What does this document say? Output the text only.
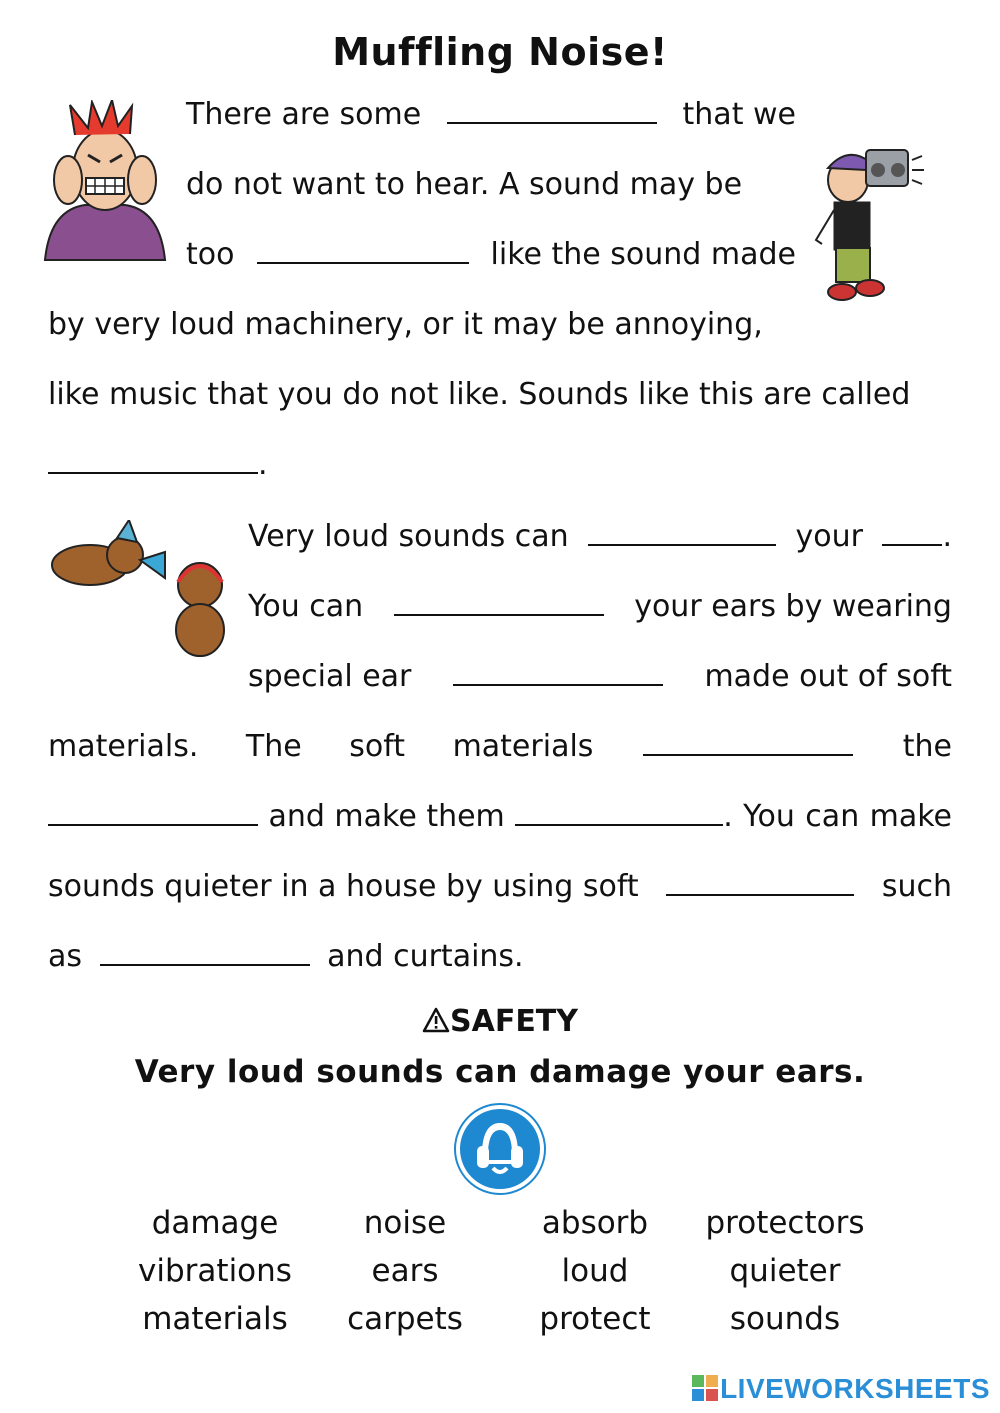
Muffling Noise!
There are some	that we
do not want to hear. A sound may be
too	like the sound made
by very loud machinery, or it may be annoying,
like music that you do not like. Sounds like this are called
.
Very loud sounds can	your	.
You can	your ears by wearing
special ear	made out of soft
materials. The soft materials	the
and make them	. You can make
sounds quieter in a house by using soft	such
as	and curtains.
SAFETY
Very loud sounds can damage your ears.
damage	noise	absorb	protectors
vibrations	ears	loud	quieter
materials	carpets	protect	sounds
LIVEWORKSHEETS
